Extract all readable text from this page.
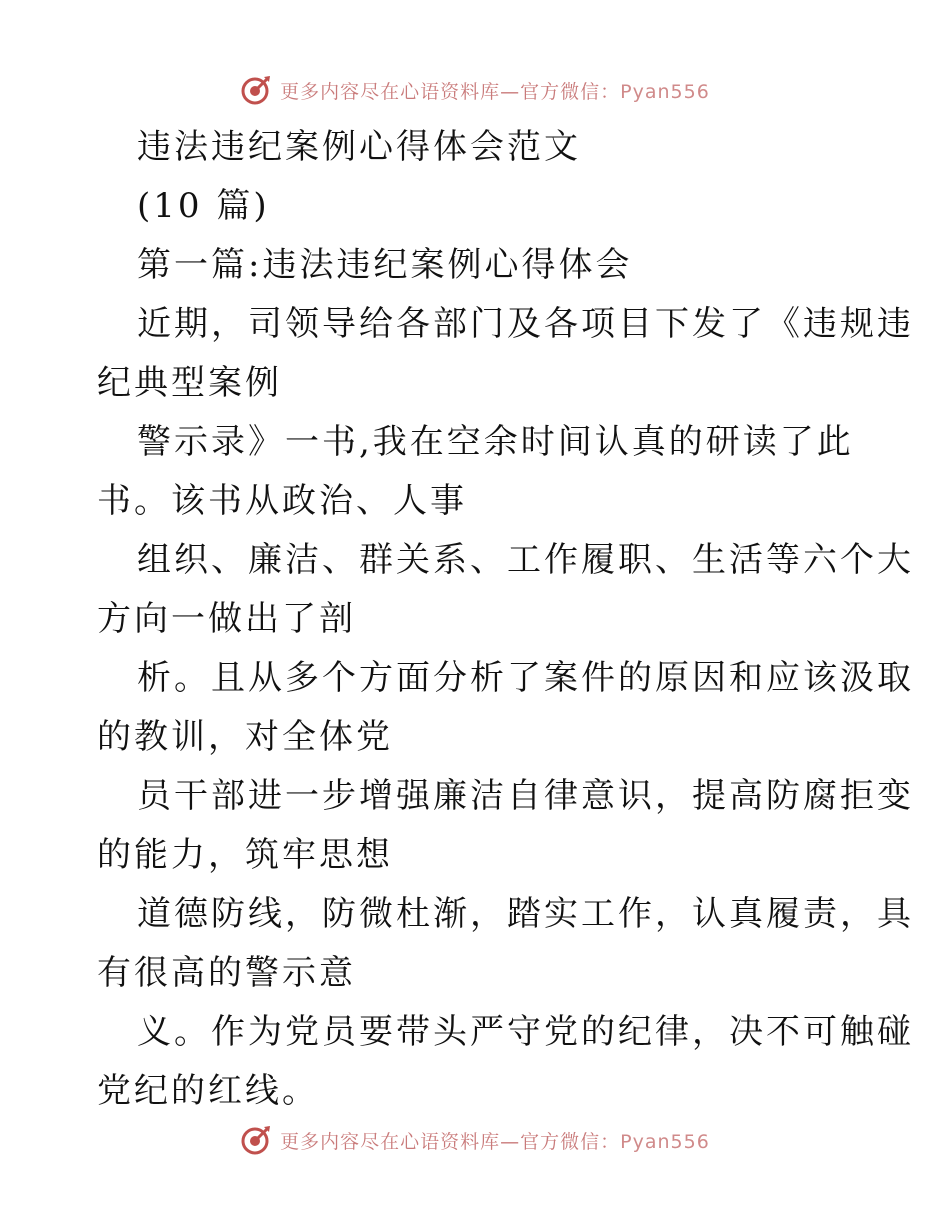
更多内容尽在心语资料库—官方微信：Pyan556
违法违纪案例心得体会范文
(10 篇)
第一篇:违法违纪案例心得体会
近期，司领导给各部门及各项目下发了《违规违
纪典型案例
警示录》一书,我在空余时间认真的研读了此
书。该书从政治、人事
组织、廉洁、群关系、工作履职、生活等六个大
方向一做出了剖
析。且从多个方面分析了案件的原因和应该汲取
的教训，对全体党
员干部进一步增强廉洁自律意识，提高防腐拒变
的能力，筑牢思想
道德防线，防微杜渐，踏实工作，认真履责，具
有很高的警示意
义。作为党员要带头严守党的纪律，决不可触碰
党纪的红线。
更多内容尽在心语资料库—官方微信：Pyan556
